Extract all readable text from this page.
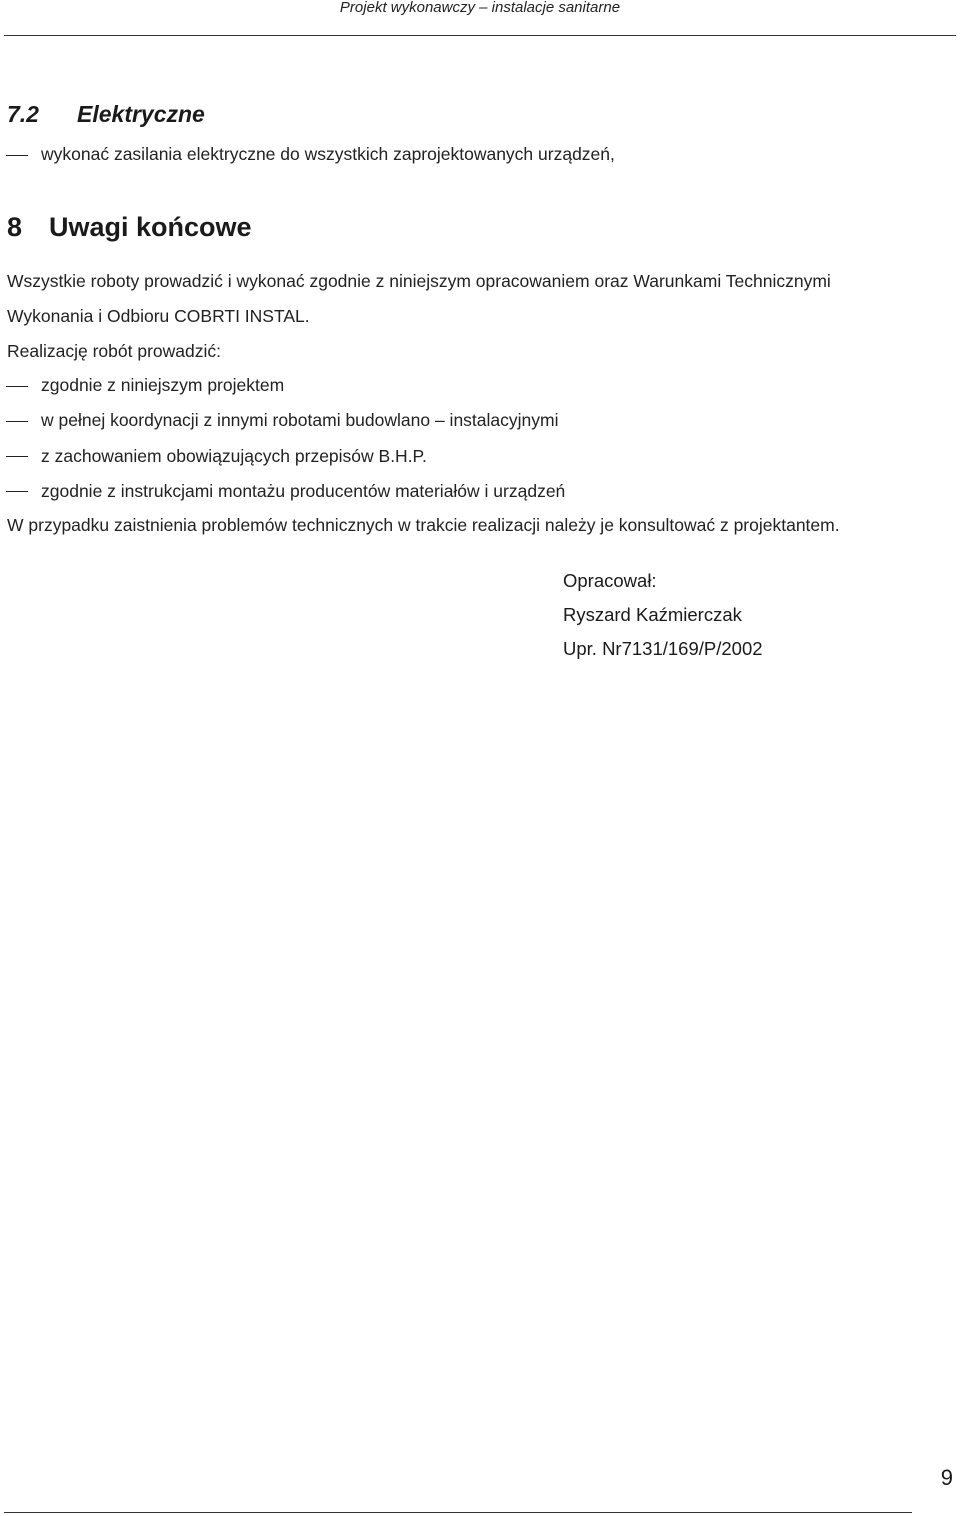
Projekt wykonawczy – instalacje sanitarne
7.2 Elektryczne
wykonać zasilania elektryczne do wszystkich zaprojektowanych urządzeń,
8 Uwagi końcowe
Wszystkie roboty prowadzić i wykonać zgodnie z niniejszym opracowaniem oraz Warunkami Technicznymi
Wykonania i Odbioru COBRTI INSTAL.
Realizację robót prowadzić:
zgodnie z niniejszym projektem
w pełnej koordynacji z innymi robotami budowlano – instalacyjnymi
z zachowaniem obowiązujących przepisów B.H.P.
zgodnie z instrukcjami montażu producentów materiałów i urządzeń
W przypadku zaistnienia problemów technicznych w trakcie realizacji należy je konsultować z projektantem.
Opracował:
Ryszard Kaźmierczak
Upr. Nr7131/169/P/2002
9
